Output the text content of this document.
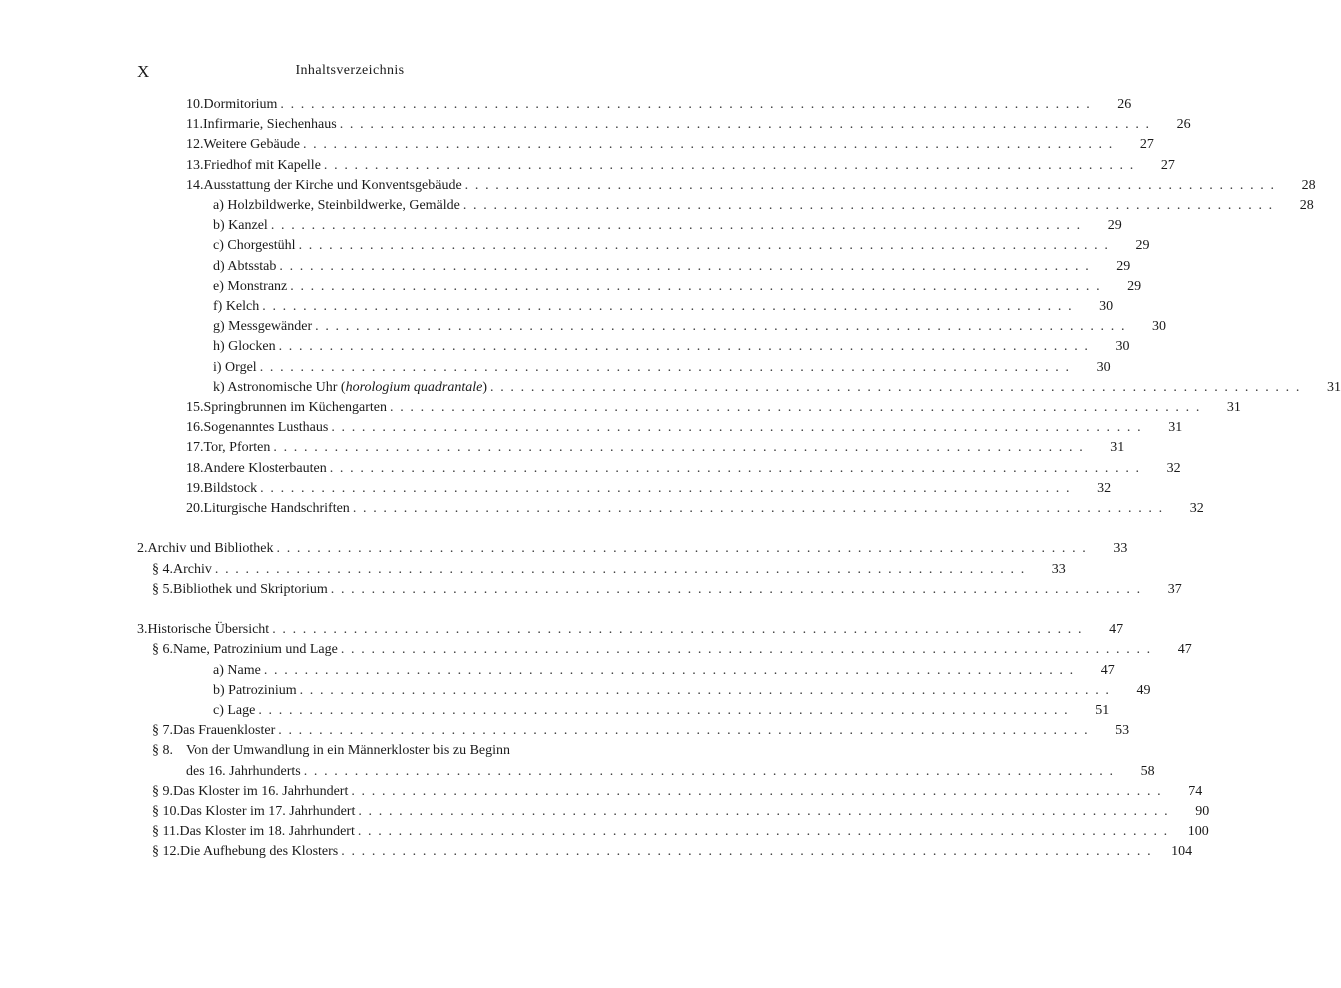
X	Inhaltsverzeichnis
10. Dormitorium . . . . . . . . . . . . . . . . . . . . . . . . . . . . . . . . . . . . . . . . . . . . . . . . . . . . . . . . . . . . . . . . . . . . . . . . . . . . . . . .	26
11. Infirmarie, Siechenhaus . . . . . . . . . . . . . . . . . . . . . . . . . . . . . . . . . . . . . . . . . . . . . . . . . . . . . . . . . . . . . . . . . . . . . . . . . . . . . . . .	26
12. Weitere Gebäude . . . . . . . . . . . . . . . . . . . . . . . . . . . . . . . . . . . . . . . . . . . . . . . . . . . . . . . . . . . . . . . . . . . . . . . . . . . . . . . .	27
13. Friedhof mit Kapelle . . . . . . . . . . . . . . . . . . . . . . . . . . . . . . . . . . . . . . . . . . . . . . . . . . . . . . . . . . . . . . . . . . . . . . . . . . . . . . . .	27
14. Ausstattung der Kirche und Konventsgebäude . . . . . . . . . . . . . . . . . . . . . . . . . . . . . . . . . . . . . . . . . . . . . . . . . . . . . . . . . . . . . . . . . . . . . . . . . . . . . . . .	28
a) Holzbildwerke, Steinbildwerke, Gemälde . . . . . . . . . . . . . . . . . . . . . . . . . . . . . . . . . . . . . . . . . . . . . . . . . . . . . . . . . . . . . . . . . . . . . . . . . . . . . . . .	28
b) Kanzel . . . . . . . . . . . . . . . . . . . . . . . . . . . . . . . . . . . . . . . . . . . . . . . . . . . . . . . . . . . . . . . . . . . . . . . . . . . . . . . .	29
c) Chorgestühl . . . . . . . . . . . . . . . . . . . . . . . . . . . . . . . . . . . . . . . . . . . . . . . . . . . . . . . . . . . . . . . . . . . . . . . . . . . . . . . .	29
d) Abtsstab . . . . . . . . . . . . . . . . . . . . . . . . . . . . . . . . . . . . . . . . . . . . . . . . . . . . . . . . . . . . . . . . . . . . . . . . . . . . . . . .	29
e) Monstranz . . . . . . . . . . . . . . . . . . . . . . . . . . . . . . . . . . . . . . . . . . . . . . . . . . . . . . . . . . . . . . . . . . . . . . . . . . . . . . . .	29
f) Kelch . . . . . . . . . . . . . . . . . . . . . . . . . . . . . . . . . . . . . . . . . . . . . . . . . . . . . . . . . . . . . . . . . . . . . . . . . . . . . . . .	30
g) Messgewänder . . . . . . . . . . . . . . . . . . . . . . . . . . . . . . . . . . . . . . . . . . . . . . . . . . . . . . . . . . . . . . . . . . . . . . . . . . . . . . . .	30
h) Glocken . . . . . . . . . . . . . . . . . . . . . . . . . . . . . . . . . . . . . . . . . . . . . . . . . . . . . . . . . . . . . . . . . . . . . . . . . . . . . . . .	30
i) Orgel . . . . . . . . . . . . . . . . . . . . . . . . . . . . . . . . . . . . . . . . . . . . . . . . . . . . . . . . . . . . . . . . . . . . . . . . . . . . . . . .	30
k) Astronomische Uhr (horologium quadrantale) . . . . . . . . . . . . . . . . . . . . . . . . . . . . . . . . . . . . . . . . . . . . . . . . . . . . . . . . . . . . . . . . . . . . . . . . . . . . . . . .	31
15. Springbrunnen im Küchengarten . . . . . . . . . . . . . . . . . . . . . . . . . . . . . . . . . . . . . . . . . . . . . . . . . . . . . . . . . . . . . . . . . . . . . . . . . . . . . . . .	31
16. Sogenanntes Lusthaus . . . . . . . . . . . . . . . . . . . . . . . . . . . . . . . . . . . . . . . . . . . . . . . . . . . . . . . . . . . . . . . . . . . . . . . . . . . . . . . .	31
17. Tor, Pforten . . . . . . . . . . . . . . . . . . . . . . . . . . . . . . . . . . . . . . . . . . . . . . . . . . . . . . . . . . . . . . . . . . . . . . . . . . . . . . . .	31
18. Andere Klosterbauten . . . . . . . . . . . . . . . . . . . . . . . . . . . . . . . . . . . . . . . . . . . . . . . . . . . . . . . . . . . . . . . . . . . . . . . . . . . . . . . .	32
19. Bildstock . . . . . . . . . . . . . . . . . . . . . . . . . . . . . . . . . . . . . . . . . . . . . . . . . . . . . . . . . . . . . . . . . . . . . . . . . . . . . . . .	32
20. Liturgische Handschriften . . . . . . . . . . . . . . . . . . . . . . . . . . . . . . . . . . . . . . . . . . . . . . . . . . . . . . . . . . . . . . . . . . . . . . . . . . . . . . . .	32
2. Archiv und Bibliothek . . . . . . . . . . . . . . . . . . . . . . . . . . . . . . . . . . . . . . . . . . . . . . . . . . . . . . . . . . . . . . . . . . . . . . . . . . . . . . . .	33
§ 4. Archiv . . . . . . . . . . . . . . . . . . . . . . . . . . . . . . . . . . . . . . . . . . . . . . . . . . . . . . . . . . . . . . . . . . . . . . . . . . . . . . . .	33
§ 5. Bibliothek und Skriptorium . . . . . . . . . . . . . . . . . . . . . . . . . . . . . . . . . . . . . . . . . . . . . . . . . . . . . . . . . . . . . . . . . . . . . . . . . . . . . . . .	37
3. Historische Übersicht . . . . . . . . . . . . . . . . . . . . . . . . . . . . . . . . . . . . . . . . . . . . . . . . . . . . . . . . . . . . . . . . . . . . . . . . . . . . . . . .	47
§ 6. Name, Patrozinium und Lage . . . . . . . . . . . . . . . . . . . . . . . . . . . . . . . . . . . . . . . . . . . . . . . . . . . . . . . . . . . . . . . . . . . . . . . . . . . . . . . .	47
a) Name . . . . . . . . . . . . . . . . . . . . . . . . . . . . . . . . . . . . . . . . . . . . . . . . . . . . . . . . . . . . . . . . . . . . . . . . . . . . . . . .	47
b) Patrozinium . . . . . . . . . . . . . . . . . . . . . . . . . . . . . . . . . . . . . . . . . . . . . . . . . . . . . . . . . . . . . . . . . . . . . . . . . . . . . . . .	49
c) Lage . . . . . . . . . . . . . . . . . . . . . . . . . . . . . . . . . . . . . . . . . . . . . . . . . . . . . . . . . . . . . . . . . . . . . . . . . . . . . . . .	51
§ 7. Das Frauenkloster . . . . . . . . . . . . . . . . . . . . . . . . . . . . . . . . . . . . . . . . . . . . . . . . . . . . . . . . . . . . . . . . . . . . . . . . . . . . . . . .	53
§ 8. Von der Umwandlung in ein Männerkloster bis zu Beginn
des 16. Jahrhunderts . . . . . . . . . . . . . . . . . . . . . . . . . . . . . . . . . . . . . . . . . . . . . . . . . . . . . . . . . . . . . . . . . . . . . . . . . . . . . . . .	58
§ 9. Das Kloster im 16. Jahrhundert . . . . . . . . . . . . . . . . . . . . . . . . . . . . . . . . . . . . . . . . . . . . . . . . . . . . . . . . . . . . . . . . . . . . . . . . . . . . . . . .	74
§ 10. Das Kloster im 17. Jahrhundert . . . . . . . . . . . . . . . . . . . . . . . . . . . . . . . . . . . . . . . . . . . . . . . . . . . . . . . . . . . . . . . . . . . . . . . . . . . . . . . .	90
§ 11. Das Kloster im 18. Jahrhundert . . . . . . . . . . . . . . . . . . . . . . . . . . . . . . . . . . . . . . . . . . . . . . . . . . . . . . . . . . . . . . . . . . . . . . . . . . . . . . . .	100
§ 12. Die Aufhebung des Klosters . . . . . . . . . . . . . . . . . . . . . . . . . . . . . . . . . . . . . . . . . . . . . . . . . . . . . . . . . . . . . . . . . . . . . . . . . . . . . . . .	104
